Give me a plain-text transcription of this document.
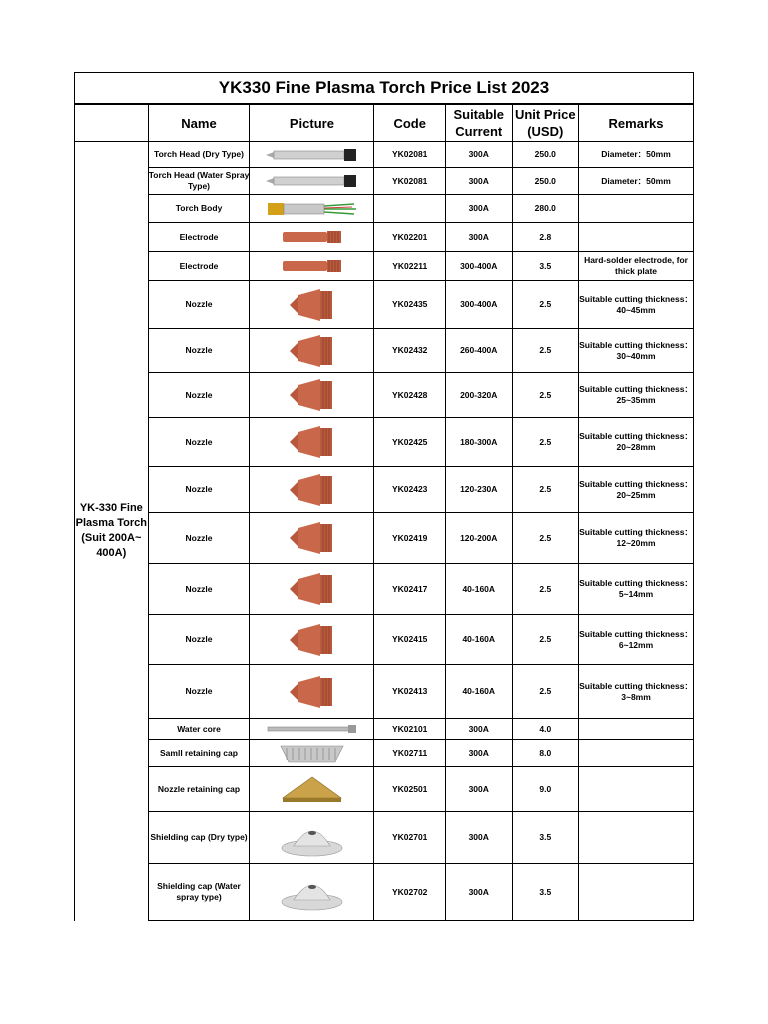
YK330 Fine Plasma Torch Price List 2023
	Name	Picture	Code	Suitable Current	Unit Price (USD)	Remarks
YK-330 Fine Plasma Torch (Suit 200A~ 400A)	Torch Head (Dry Type)		YK02081	300A	250.0	Diameter：50mm
	Torch Head (Water Spray Type)		YK02081	300A	250.0	Diameter：50mm
	Torch Body			300A	280.0	
	Electrode		YK02201	300A	2.8	
	Electrode		YK02211	300-400A	3.5	Hard-solder electrode, for thick plate
	Nozzle		YK02435	300-400A	2.5	Suitable cutting thickness：40~45mm
	Nozzle		YK02432	260-400A	2.5	Suitable cutting thickness：30~40mm
	Nozzle		YK02428	200-320A	2.5	Suitable cutting thickness：25~35mm
	Nozzle		YK02425	180-300A	2.5	Suitable cutting thickness：20~28mm
	Nozzle		YK02423	120-230A	2.5	Suitable cutting thickness：20~25mm
	Nozzle		YK02419	120-200A	2.5	Suitable cutting thickness：12~20mm
	Nozzle		YK02417	40-160A	2.5	Suitable cutting thickness：5~14mm
	Nozzle		YK02415	40-160A	2.5	Suitable cutting thickness：6~12mm
	Nozzle		YK02413	40-160A	2.5	Suitable cutting thickness：3~8mm
	Water core		YK02101	300A	4.0	
	Samll retaining cap		YK02711	300A	8.0	
	Nozzle retaining cap		YK02501	300A	9.0	
	Shielding cap (Dry type)		YK02701	300A	3.5	
	Shielding cap (Water spray type)		YK02702	300A	3.5	
